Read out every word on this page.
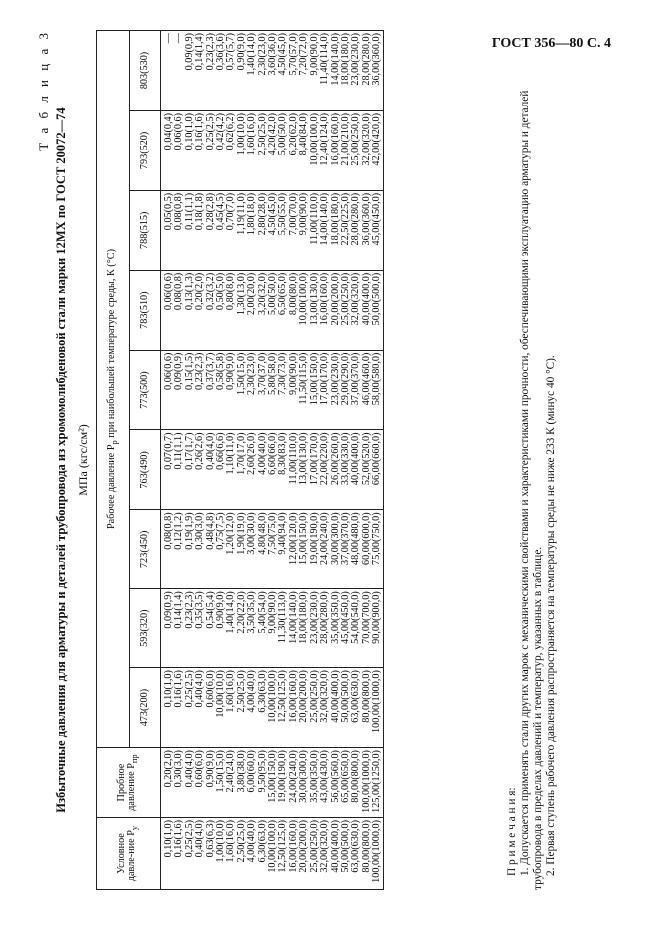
ГОСТ 356—80 С. 4
Т а б л и ц а 3
Избыточные давления для арматуры и деталей трубопровода из хромомолибденовой стали марки 12МХ по ГОСТ 20072—74 МПа (кгс/см²)
Условное давле-ние $P_у$	Пробное давление $P_{пр}$	Рабочее давление $P_р$ при наибольшей температуре среды, К (°С)								
		473(200)	593(320)	723(450)	763(490)	773(500)	783(510)	788(515)	793(520)	803(530)
0,10(1,0)	0,20(2,0)	0,10(1,0)	0,09(0,9)	0,08(0,8)	0,07(0,7)	0,06(0,6)	0,06(0,6)	0,05(0,5)	0,04(0,4)	—
0,16(1,6)	0,30(3,0)	0,16(1,6)	0,14(1,4)	0,12(1,2)	0,11(1,1)	0,09(0,9)	0,08(0,8)	0,08(0,8)	0,06(0,6)	—
0,25(2,5)	0,40(4,0)	0,25(2,5)	0,23(2,3)	0,19(1,9)	0,17(1,7)	0,15(1,5)	0,13(1,3)	0,11(1,1)	0,10(1,0)	0,09(0,9)
0,40(4,0)	0,60(6,0)	0,40(4,0)	0,35(3,5)	0,30(3,0)	0,26(2,6)	0,23(2,3)	0,20(2,0)	0,18(1,8)	0,16(1,6)	0,14(1,4)
0,63(6,3)	0,90(9,0)	0,60(6,0)	0,54(5,4)	0,48(4,8)	0,40(4,0)	0,37(3,7)	0,32(3,2)	0,28(2,8)	0,25(2,5)	0,23(2,3)
1,00(10,0)	1,50(15,0)	10,00(10,0)	0,90(9,0)	0,75(7,5)	0,66(6,6)	0,58(5,8)	0,50(5,0)	0,45(4,5)	0,42(4,2)	0,36(3,6)
1,60(16,0)	2,40(24,0)	1,60(16,0)	1,40(14,0)	1,20(12,0)	1,10(11,0)	0,90(9,0)	0,80(8,0)	0,70(7,0)	0,62(6,2)	0,57(5,7)
2,50(25,0)	3,80(38,0)	2,50(25,0)	2,20(22,0)	1,90(19,0)	1,70(17,0)	1,50(15,0)	1,30(13,0)	1,19(11,0)	1,00(10,0)	0,90(9,0)
4,00(40,0)	6,00(60,0)	4,00(40,0)	3,50(35,0)	3,00(30,0)	2,60(26,0)	2,30(23,0)	2,00(20,0)	1,80(18,0)	1,60(16,0)	1,40(14,0)
6,30(63,0)	9,50(95,0)	6,30(63,0)	5,40(54,0)	4,80(48,0)	4,00(40,0)	3,70(37,0)	3,20(32,0)	2,80(28,0)	2,50(25,0)	2,30(23,0)
10,00(100,0)	15,00(150,0)	10,00(100,0)	9,00(90,0)	7,50(75,0)	6,60(66,0)	5,80(58,0)	5,00(50,0)	4,50(45,0)	4,20(42,0)	3,60(36,0)
12,50(125,0)	19,00(190,0)	12,50(125,0)	11,30(113,0)	9,40(94,0)	8,30(83,0)	7,30(73,0)	6,50(65,0)	5,50(55,0)	5,00(50,0)	4,50(45,0)
16,00(160,0)	24,00(240,0)	16,00(160,0)	14,00(140,0)	12,00(120,0)	11,00(110,0)	9,00(90,0)	8,00(80,0)	7,00(70,0)	6,20(62,0)	5,70(57,0)
20,00(200,0)	30,00(300,0)	20,00(200,0)	18,00(180,0)	15,00(150,0)	13,00(130,0)	11,50(115,0)	10,00(100,0)	9,00(90,0)	8,40(84,0)	7,20(72,0)
25,00(250,0)	35,00(350,0)	25,00(250,0)	23,00(230,0)	19,00(190,0)	17,00(170,0)	15,00(150,0)	13,00(130,0)	11,00(110,0)	10,00(100,0)	9,00(90,0)
32,00(320,0)	43,00(430,0)	32,00(320,0)	28,00(280,0)	24,00(240,0)	22,00(220,0)	17,00(170,0)	16,00(160,0)	14,00(140,0)	12,40(124,0)	11,40(114,0)
40,00(400,0)	56,00(560,0)	40,00(400,0)	35,00(350,0)	30,00(300,0)	26,00(260,0)	23,00(230,0)	20,00(200,0)	18,00(180,0)	16,00(160,0)	14,00(140,0)
50,00(500,0)	65,00(650,0)	50,00(500,0)	45,00(450,0)	37,00(370,0)	33,00(330,0)	29,00(290,0)	25,00(250,0)	22,50(225,0)	21,00(210,0)	18,00(180,0)
63,00(630,0)	80,00(800,0)	63,00(630,0)	54,00(540,0)	48,00(480,0)	40,00(400,0)	37,00(370,0)	32,00(320,0)	28,00(280,0)	25,00(250,0)	23,00(230,0)
80,00(800,0)	100,00(1000,0)	80,00(800,0)	70,00(700,0)	60,00(600,0)	52,00(520,0)	46,00(460,0)	40,00(400,0)	36,00(360,0)	32,00(320,0)	28,00(280,0)
100,00(1000,0)	125,00(1250,0)	100,00(1000,0)	90,00(900,0)	75,00(750,0)	66,00(660,0)	58,00(580,0)	50,00(500,0)	45,00(450,0)	42,00(420,0)	36,00(360,0)

П р и м е ч а н и я: 1. Допускается применять стали других марок с механическими свойствами и характеристиками прочности, обеспечивающими эксплуатацию арматуры и деталей трубопровода в пределах давлений и температур, указанных в таблице. 2. Первая ступень рабочего давления распространяется на температуры среды не ниже 233 К (минус 40 °С).
